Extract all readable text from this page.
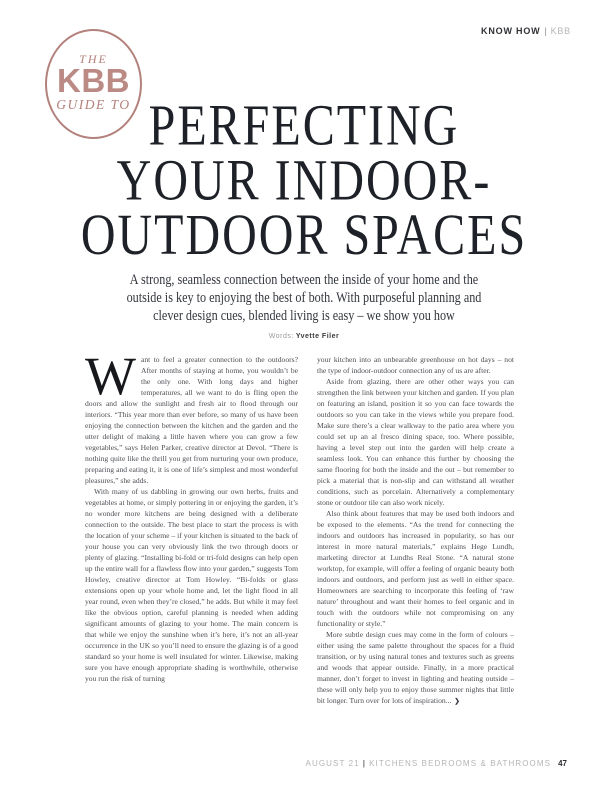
KNOW HOW | KBB
THE
KBB
GUIDE TO PERFECTING
YOUR INDOOR-
OUTDOOR SPACES
A strong, seamless connection between the inside of your home and the
outside is key to enjoying the best of both. With purposeful planning and
clever design cues, blended living is easy – we show you how
Words: Yvette Filer

Want to feel a greater connection to the outdoors? After months of staying at home, you wouldn’t be the only one. With long days and higher temperatures, all we want to do is fling open the doors and allow the sunlight and fresh air to flood through our interiors. “This year more than ever before, so many of us have been enjoying the connection between the kitchen and the garden and the utter delight of making a little haven where you can grow a few vegetables,” says Helen Parker, creative director at Devol. “There is nothing quite like the thrill you get from nurturing your own produce, preparing and eating it, it is one of life’s simplest and most wonderful pleasures,” she adds.

With many of us dabbling in growing our own herbs, fruits and vegetables at home, or simply pottering in or enjoying the garden, it’s no wonder more kitchens are being designed with a deliberate connection to the outside. The best place to start the process is with the location of your scheme – if your kitchen is situated to the back of your house you can very obviously link the two through doors or plenty of glazing. “Installing bi-fold or tri-fold designs can help open up the entire wall for a flawless flow into your garden,” suggests Tom Howley, creative director at Tom Howley. “Bi-folds or glass extensions open up your whole home and, let the light flood in all year round, even when they’re closed,” he adds. But while it may feel like the obvious option, careful planning is needed when adding significant amounts of glazing to your home. The main concern is that while we enjoy the sunshine when it’s here, it’s not an all-year occurrence in the UK so you’ll need to ensure the glazing is of a good standard so your home is well insulated for winter. Likewise, making sure you have enough appropriate shading is worthwhile, otherwise you run the risk of turning

your kitchen into an unbearable greenhouse on hot days – not the type of indoor-outdoor connection any of us are after.

Aside from glazing, there are other other ways you can strengthen the link between your kitchen and garden. If you plan on featuring an island, position it so you can face towards the outdoors so you can take in the views while you prepare food. Make sure there’s a clear walkway to the patio area where you could set up an al fresco dining space, too. Where possible, having a level step out into the garden will help create a seamless look. You can enhance this further by choosing the same flooring for both the inside and the out – but remember to pick a material that is non-slip and can withstand all weather conditions, such as porcelain. Alternatively a complementary stone or outdoor tile can also work nicely.

Also think about features that may be used both indoors and be exposed to the elements. “As the trend for connecting the indoors and outdoors has increased in popularity, so has our interest in more natural materials,” explains Hege Lundh, marketing director at Lundhs Real Stone. “A natural stone worktop, for example, will offer a feeling of organic beauty both indoors and outdoors, and perform just as well in either space. Homeowners are searching to incorporate this feeling of ‘raw nature’ throughout and want their homes to feel organic and in touch with the outdoors while not compromising on any functionality or style.”

More subtle design cues may come in the form of colours – either using the same palette throughout the spaces for a fluid transition, or by using natural tones and textures such as greens and woods that appear outside. Finally, in a more practical manner, don’t forget to invest in lighting and heating outside – these will only help you to enjoy those summer nights that little bit longer. Turn over for lots of inspiration... ❯

AUGUST 21 | KITCHENS BEDROOMS & BATHROOMS 47
